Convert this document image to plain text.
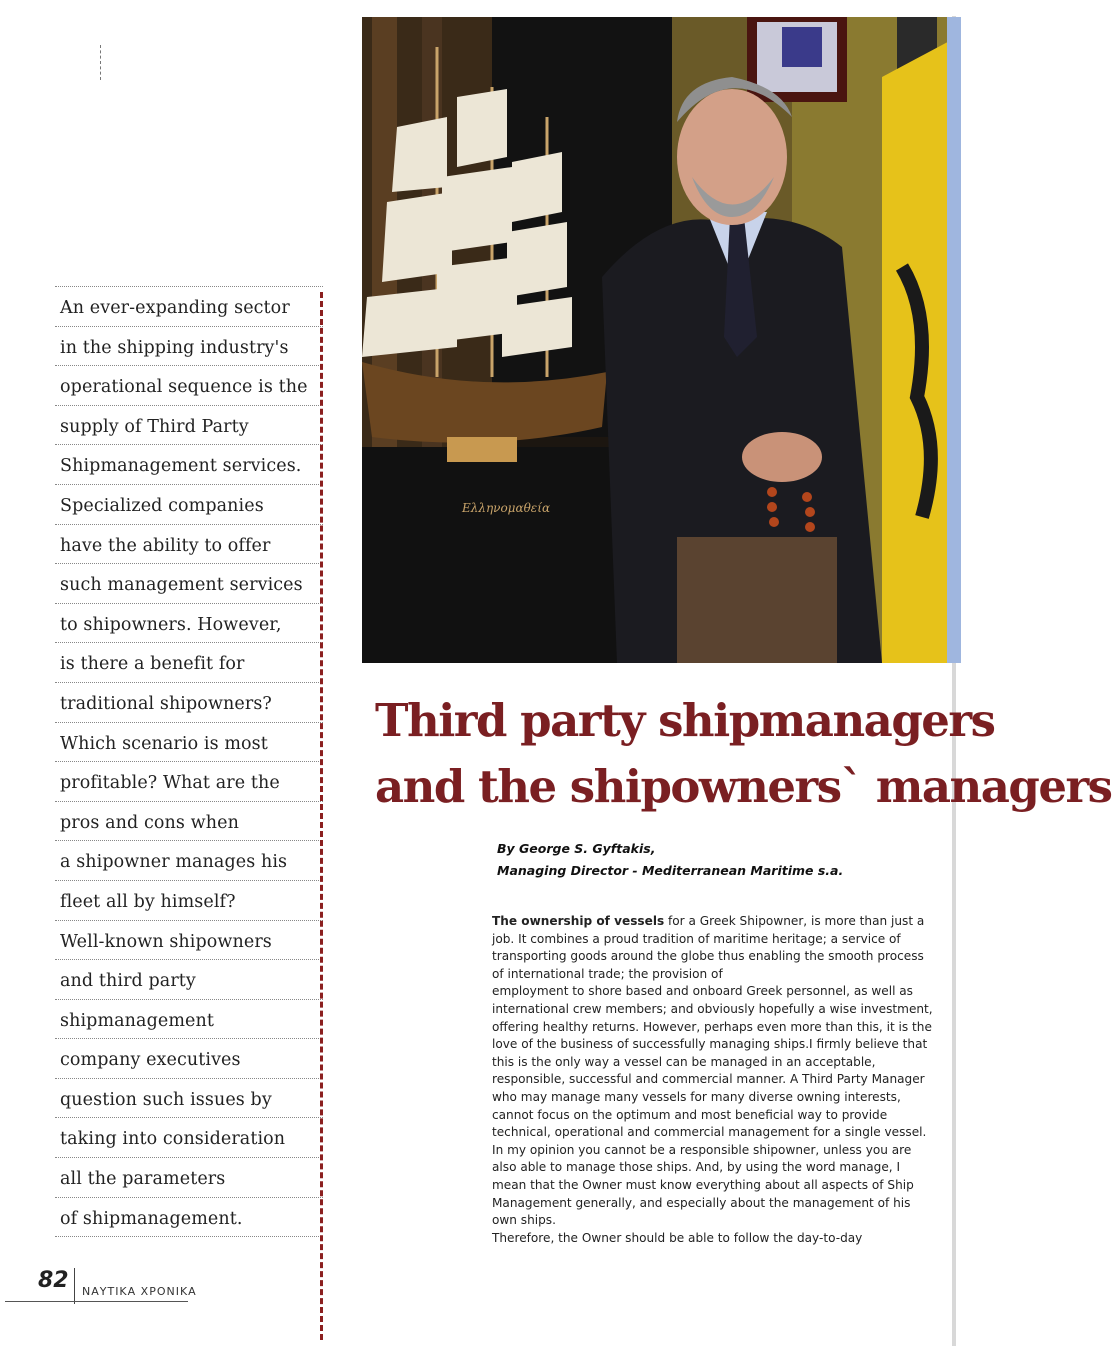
Ελληνομαθεία
An ever-expanding sector
in the shipping industry's
operational sequence is the
supply of Third Party
Shipmanagement services.
Specialized companies
have the ability to offer
such management services
to shipowners. However,
is there a benefit for
traditional shipowners?
Which scenario is most
profitable? What are the
pros and cons when
a shipowner manages his
fleet all by himself?
Well-known shipowners
and third party
shipmanagement
company executives
question such issues by
taking into consideration
all the parameters
of shipmanagement.
Third party shipmanagers
and the shipowners` managers
By George S. Gyftakis,
Managing Director - Mediterranean Maritime s.a.

The ownership of vessels for a Greek Shipowner, is more than just a job. It combines a proud tradition of maritime heritage; a service of transporting goods around the globe thus enabling the smooth process of international trade; the provision of

employment to shore based and onboard Greek personnel, as well as international crew members; and obviously hopefully a wise investment, offering healthy returns. However, perhaps even more than this, it is the love of the business of successfully managing ships.I firmly believe that this is the only way a vessel can be managed in an acceptable, responsible, successful and commercial manner. A Third Party Manager who may manage many vessels for many diverse owning interests, cannot focus on the optimum and most beneficial way to provide technical, operational and commercial management for a single vessel. In my opinion you cannot be a responsible shipowner, unless you are also able to manage those ships. And, by using the word manage, I mean that the Owner must know everything about all aspects of Ship Management generally, and especially about the management of his own ships.

Therefore, the Owner should be able to follow the day-to-day

82 ΝΑΥΤΙΚΑ ΧΡΟΝΙΚΑ
